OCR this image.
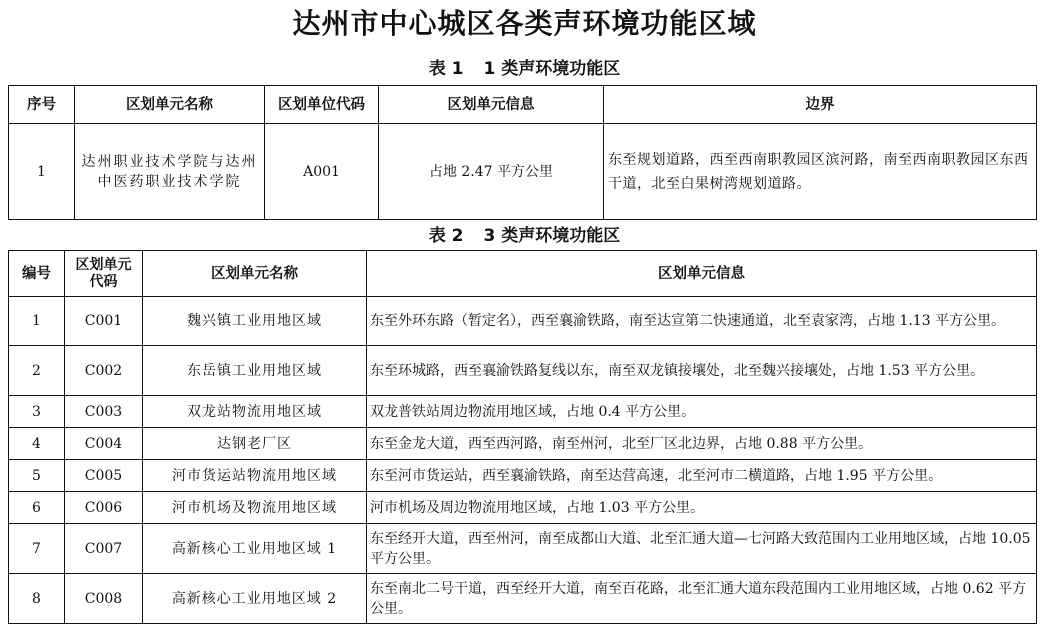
达州市中心城区各类声环境功能区域
表 1 1 类声环境功能区
序号	区划单元名称	区划单位代码	区划单元信息	边界
1	达州职业技术学院与达州中医药职业技术学院	A001	占地 2.47 平方公里	东至规划道路，西至西南职教园区滨河路，南至西南职教园区东西干道，北至白果树湾规划道路。
表 2 3 类声环境功能区
编号	区划单元代码	区划单元名称	区划单元信息
1	C001	魏兴镇工业用地区域	东至外环东路（暂定名），西至襄渝铁路，南至达宣第二快速通道，北至袁家湾，占地 1.13 平方公里。
2	C002	东岳镇工业用地区域	东至环城路，西至襄渝铁路复线以东，南至双龙镇接壤处，北至魏兴接壤处，占地 1.53 平方公里。
3	C003	双龙站物流用地区域	双龙普铁站周边物流用地区域，占地 0.4 平方公里。
4	C004	达钢老厂区	东至金龙大道，西至西河路，南至州河，北至厂区北边界，占地 0.88 平方公里。
5	C005	河市货运站物流用地区域	东至河市货运站，西至襄渝铁路，南至达营高速，北至河市二横道路，占地 1.95 平方公里。
6	C006	河市机场及物流用地区域	河市机场及周边物流用地区域，占地 1.03 平方公里。
7	C007	高新核心工业用地区域 1	东至经开大道，西至州河，南至成都山大道、北至汇通大道—七河路大致范围内工业用地区域，占地 10.05 平方公里。
8	C008	高新核心工业用地区域 2	东至南北二号干道，西至经开大道，南至百花路，北至汇通大道东段范围内工业用地区域，占地 0.62 平方公里。
